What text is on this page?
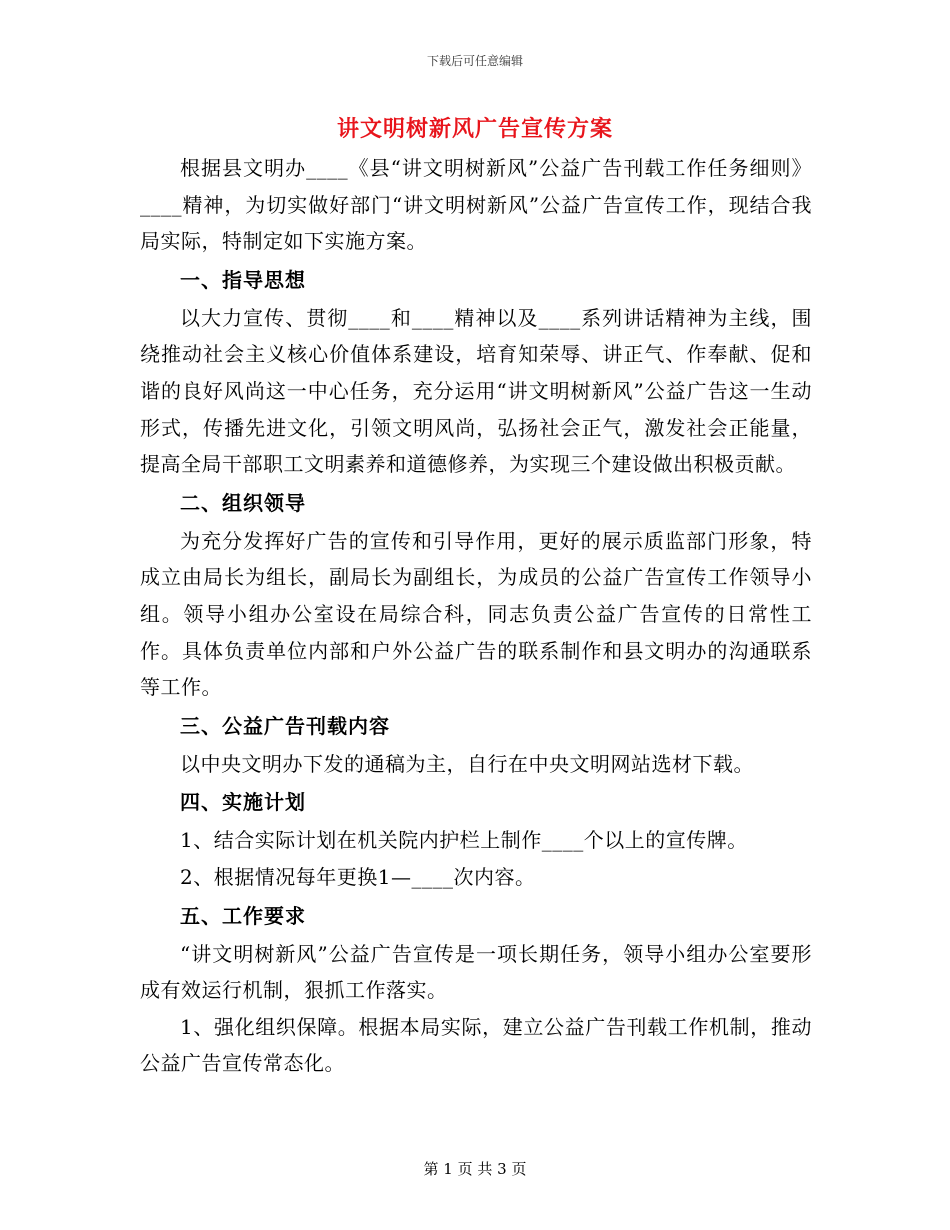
下载后可任意编辑
讲文明树新风广告宣传方案

根据县文明办____《县“讲文明树新风”公益广告刊载工作任务细则》____精神，为切实做好部门“讲文明树新风”公益广告宣传工作，现结合我局实际，特制定如下实施方案。

一、指导思想

以大力宣传、贯彻____和____精神以及____系列讲话精神为主线，围绕推动社会主义核心价值体系建设，培育知荣辱、讲正气、作奉献、促和谐的良好风尚这一中心任务，充分运用“讲文明树新风”公益广告这一生动形式，传播先进文化，引领文明风尚，弘扬社会正气，激发社会正能量，提高全局干部职工文明素养和道德修养，为实现三个建设做出积极贡献。

二、组织领导

为充分发挥好广告的宣传和引导作用，更好的展示质监部门形象，特成立由局长为组长，副局长为副组长，为成员的公益广告宣传工作领导小组。领导小组办公室设在局综合科，同志负责公益广告宣传的日常性工作。具体负责单位内部和户外公益广告的联系制作和县文明办的沟通联系等工作。

三、公益广告刊载内容

以中央文明办下发的通稿为主，自行在中央文明网站选材下载。

四、实施计划

1、结合实际计划在机关院内护栏上制作____个以上的宣传牌。

2、根据情况每年更换1—____次内容。

五、工作要求

“讲文明树新风”公益广告宣传是一项长期任务，领导小组办公室要形成有效运行机制，狠抓工作落实。

1、强化组织保障。根据本局实际，建立公益广告刊载工作机制，推动公益广告宣传常态化。

第 1 页 共 3 页
